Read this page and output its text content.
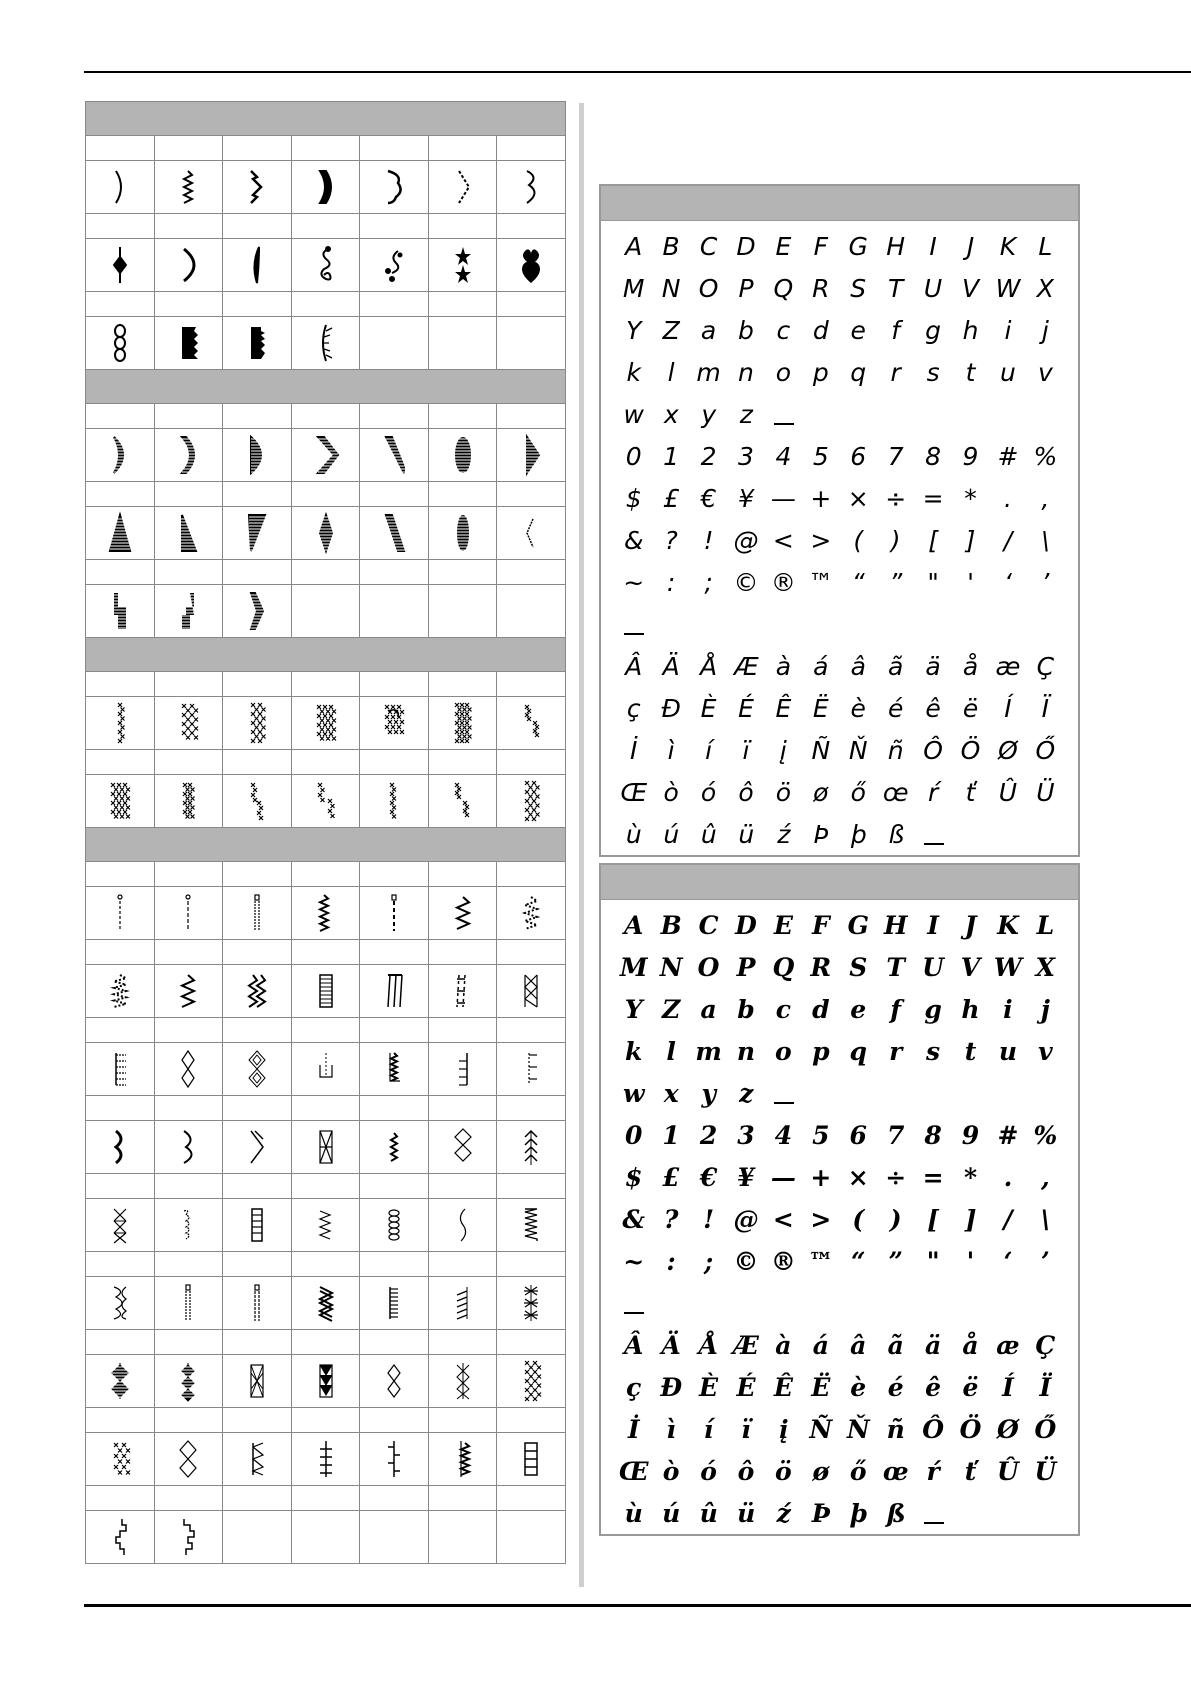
A B C D E F G H I	J	K L
M N O P Q R S T U V W X
Y Z a b c d e	f	g h	i	j
k	l m n o p q r	s	t u v
w x y z
0 1 2 3 4 5 6 7 8 9 # %
$ £ € ¥ — + × ÷ = *	.	,
& ?	! @ < > (	)	[	]	/	\
~ :	; © ® ™ “ ”	"	'	‘	’
Â Ä Å Æ à á â ã ä å æ Ç
ç Đ È É Ê Ë è é ê ë	Í	Ï
İ	ì	í	ï	į Ñ Ň ñ Ô Ö Ø Ő
Œ ò ó ô ö ø ő œ ŕ	ť Û Ü
ù ú û ü ź Þ þ ß
A B C D E F G H I	J K L
M N O P Q R S T U V W X
Y Z a b c d e f g h i	j
k l m n o p q r s t u v
w x y z
0 1 2 3 4 5 6 7 8 9 # %
$ £ € ¥ — + × ÷ = *	.	,
& ? ! @ < > (	)	[	]	/	\
~ :	; © ® ™ “ ” "	'	‘	’
Â Ä Å Æ à á â ã ä å æ Ç
ç Đ È É Ê Ë è é ê ë Í	Ï
İ	ì	í	ï	į Ñ Ň ñ Ô Ö Ø Ő
Œ ò ó ô ö ø ő œ ŕ	ť Û Ü
ù ú û ü ź Þ þ ß
